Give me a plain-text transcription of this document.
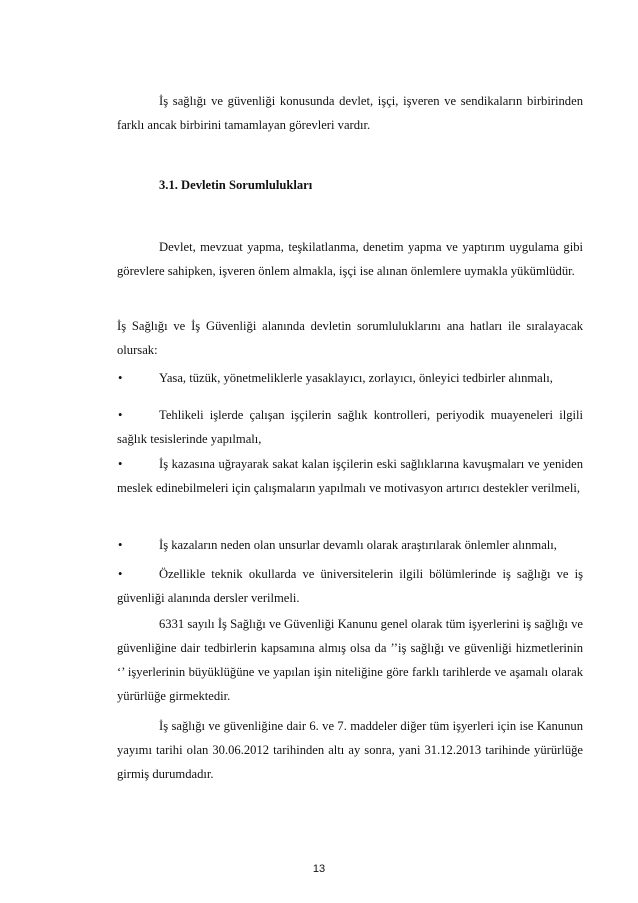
İş sağlığı ve güvenliği konusunda devlet, işçi, işveren ve sendikaların birbirinden farklı ancak birbirini tamamlayan görevleri vardır.

3.1. Devletin Sorumlulukları

Devlet, mevzuat yapma, teşkilatlanma, denetim yapma ve yaptırım uygulama gibi görevlere sahipken, işveren önlem almakla, işçi ise alınan önlemlere uymakla yükümlüdür.

İş Sağlığı ve İş Güvenliği alanında devletin sorumluluklarını ana hatları ile sıralayacak olursak:

•	Yasa, tüzük, yönetmeliklerle yasaklayıcı, zorlayıcı, önleyici tedbirler alınmalı,
•	Tehlikeli işlerde çalışan işçilerin sağlık kontrolleri, periyodik muayeneleri ilgili sağlık tesislerinde yapılmalı,
•	İş kazasına uğrayarak sakat kalan işçilerin eski sağlıklarına kavuşmaları ve yeniden meslek edinebilmeleri için çalışmaların yapılmalı ve motivasyon artırıcı destekler verilmeli,
•	İş kazaların neden olan unsurlar devamlı olarak araştırılarak önlemler alınmalı,
•	Özellikle teknik okullarda ve üniversitelerin ilgili bölümlerinde iş sağlığı ve iş güvenliği alanında dersler verilmeli.

6331 sayılı İş Sağlığı ve Güvenliği Kanunu genel olarak tüm işyerlerini iş sağlığı ve güvenliğine dair tedbirlerin kapsamına almış olsa da ’’iş sağlığı ve güvenliği hizmetlerinin ‘’ işyerlerinin büyüklüğüne ve yapılan işin niteliğine göre farklı tarihlerde ve aşamalı olarak yürürlüğe girmektedir.

İş sağlığı ve güvenliğine dair 6. ve 7. maddeler diğer tüm işyerleri için ise Kanunun yayımı tarihi olan 30.06.2012 tarihinden altı ay sonra, yani 31.12.2013 tarihinde yürürlüğe girmiş durumdadır.

13
